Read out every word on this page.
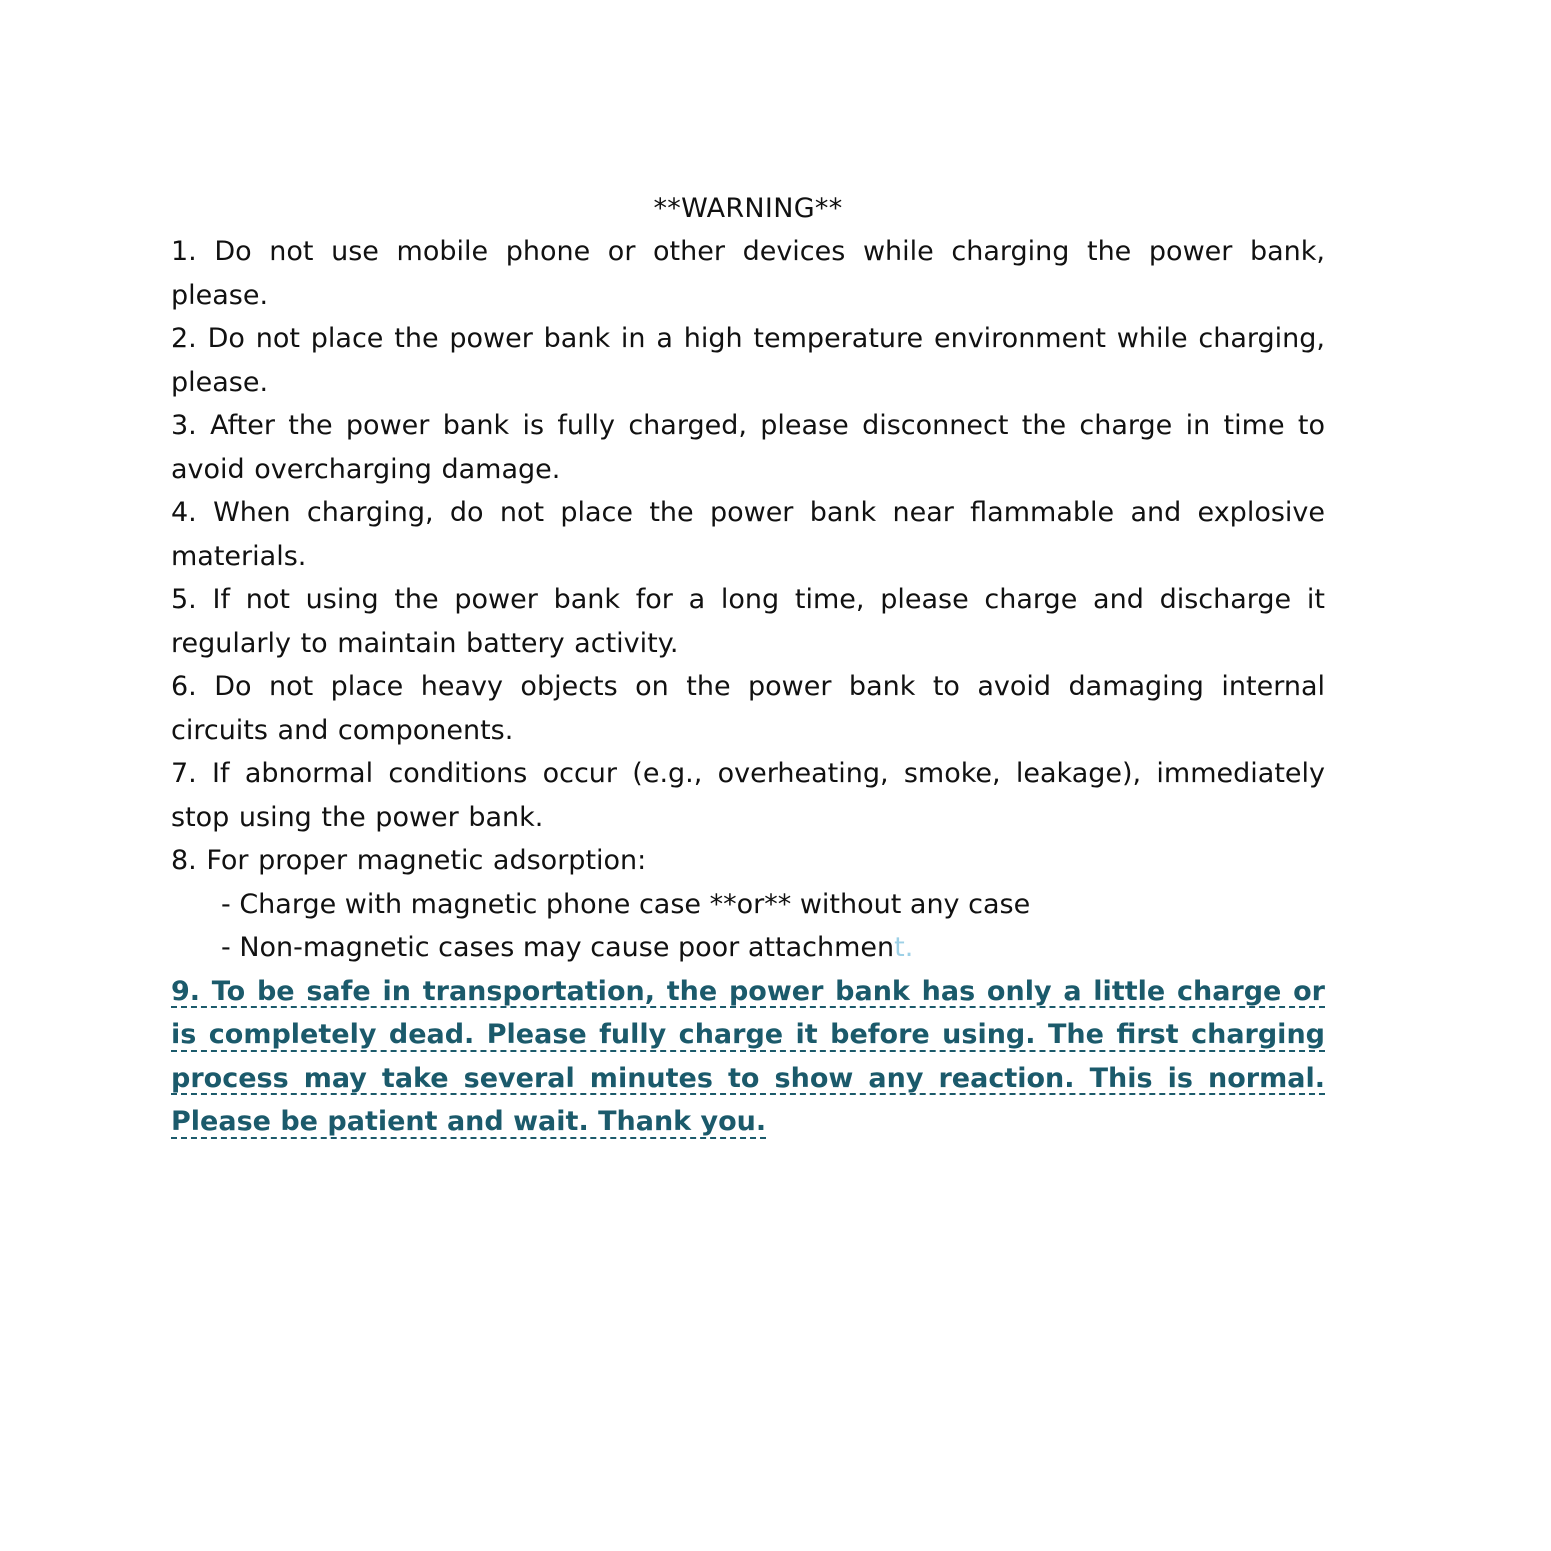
**WARNING**

1. Do not use mobile phone or other devices while charging the power bank, please.

2. Do not place the power bank in a high temperature environment while charging, please.

3. After the power bank is fully charged, please disconnect the charge in time to avoid overcharging damage.

4. When charging, do not place the power bank near flammable and explosive materials.

5. If not using the power bank for a long time, please charge and discharge it regularly to maintain battery activity.

6. Do not place heavy objects on the power bank to avoid damaging internal circuits and components.

7. If abnormal conditions occur (e.g., overheating, smoke, leakage), immediately stop using the power bank.

8. For proper magnetic adsorption:

- Charge with magnetic phone case **or** without any case

- Non-magnetic cases may cause poor attachment.

9. To be safe in transportation, the power bank has only a little charge or is completely dead. Please fully charge it before using. The first charging process may take several minutes to show any reaction. This is normal. Please be patient and wait. Thank you.
